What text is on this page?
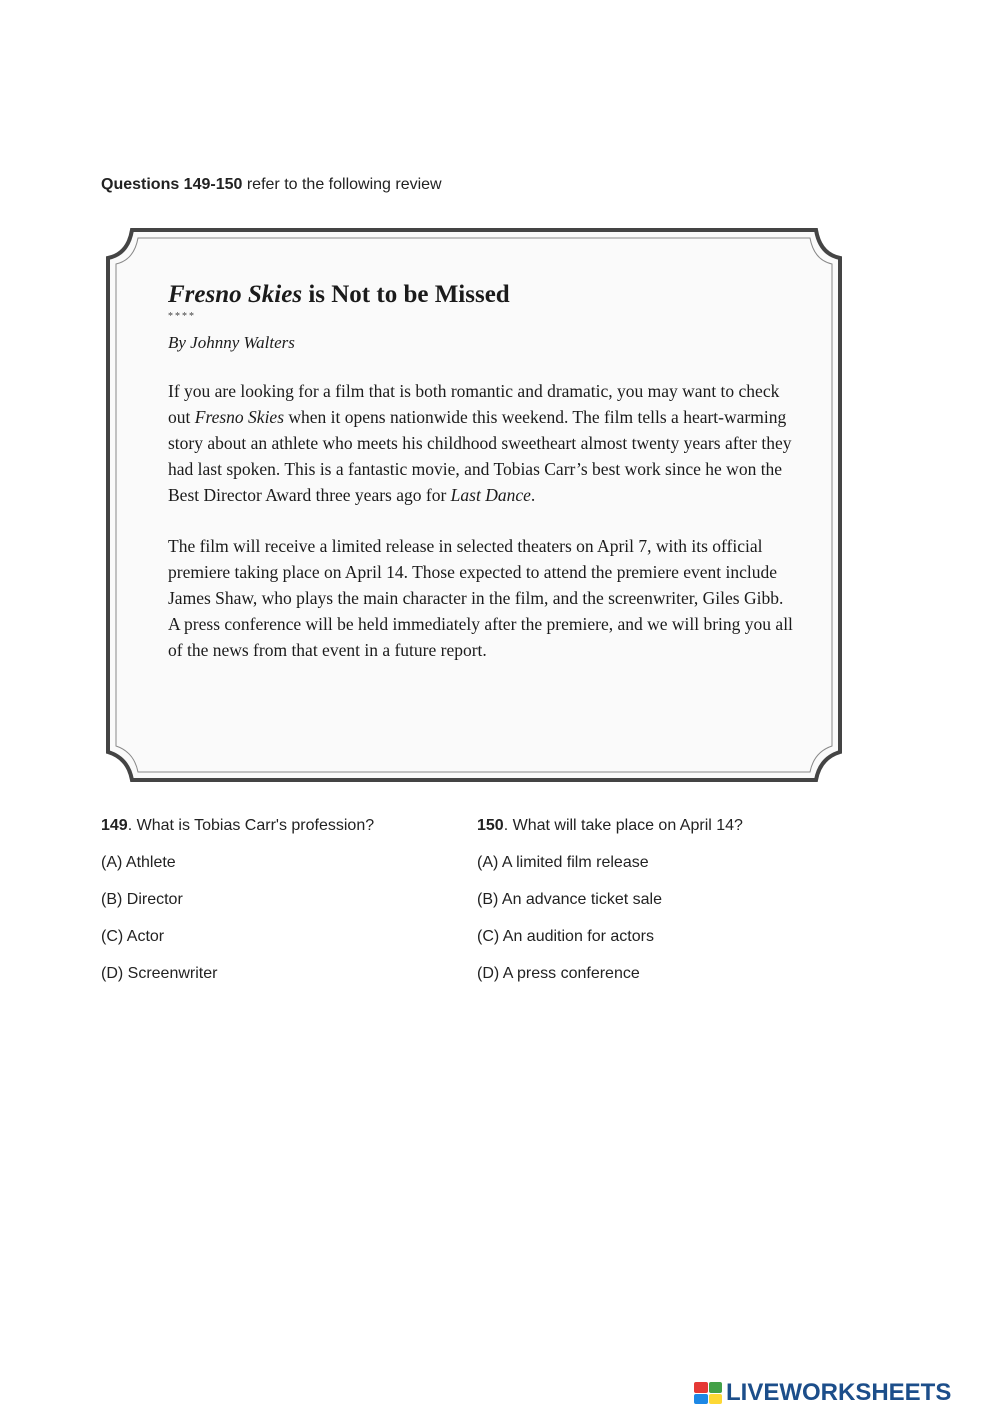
Questions 149-150 refer to the following review
Fresno Skies is Not to be Missed
****
By Johnny Walters
If you are looking for a film that is both romantic and dramatic, you may want to check out Fresno Skies when it opens nationwide this weekend. The film tells a heart-warming story about an athlete who meets his childhood sweetheart almost twenty years after they had last spoken. This is a fantastic movie, and Tobias Carr’s best work since he won the Best Director Award three years ago for Last Dance.
The film will receive a limited release in selected theaters on April 7, with its official premiere taking place on April 14. Those expected to attend the premiere event include James Shaw, who plays the main character in the film, and the screenwriter, Giles Gibb. A press conference will be held immediately after the premiere, and we will bring you all of the news from that event in a future report.
149. What is Tobias Carr's profession?
(A) Athlete
(B) Director
(C) Actor
(D) Screenwriter
150. What will take place on April 14?
(A) A limited film release
(B) An advance ticket sale
(C) An audition for actors
(D) A press conference
LIVEWORKSHEETS
